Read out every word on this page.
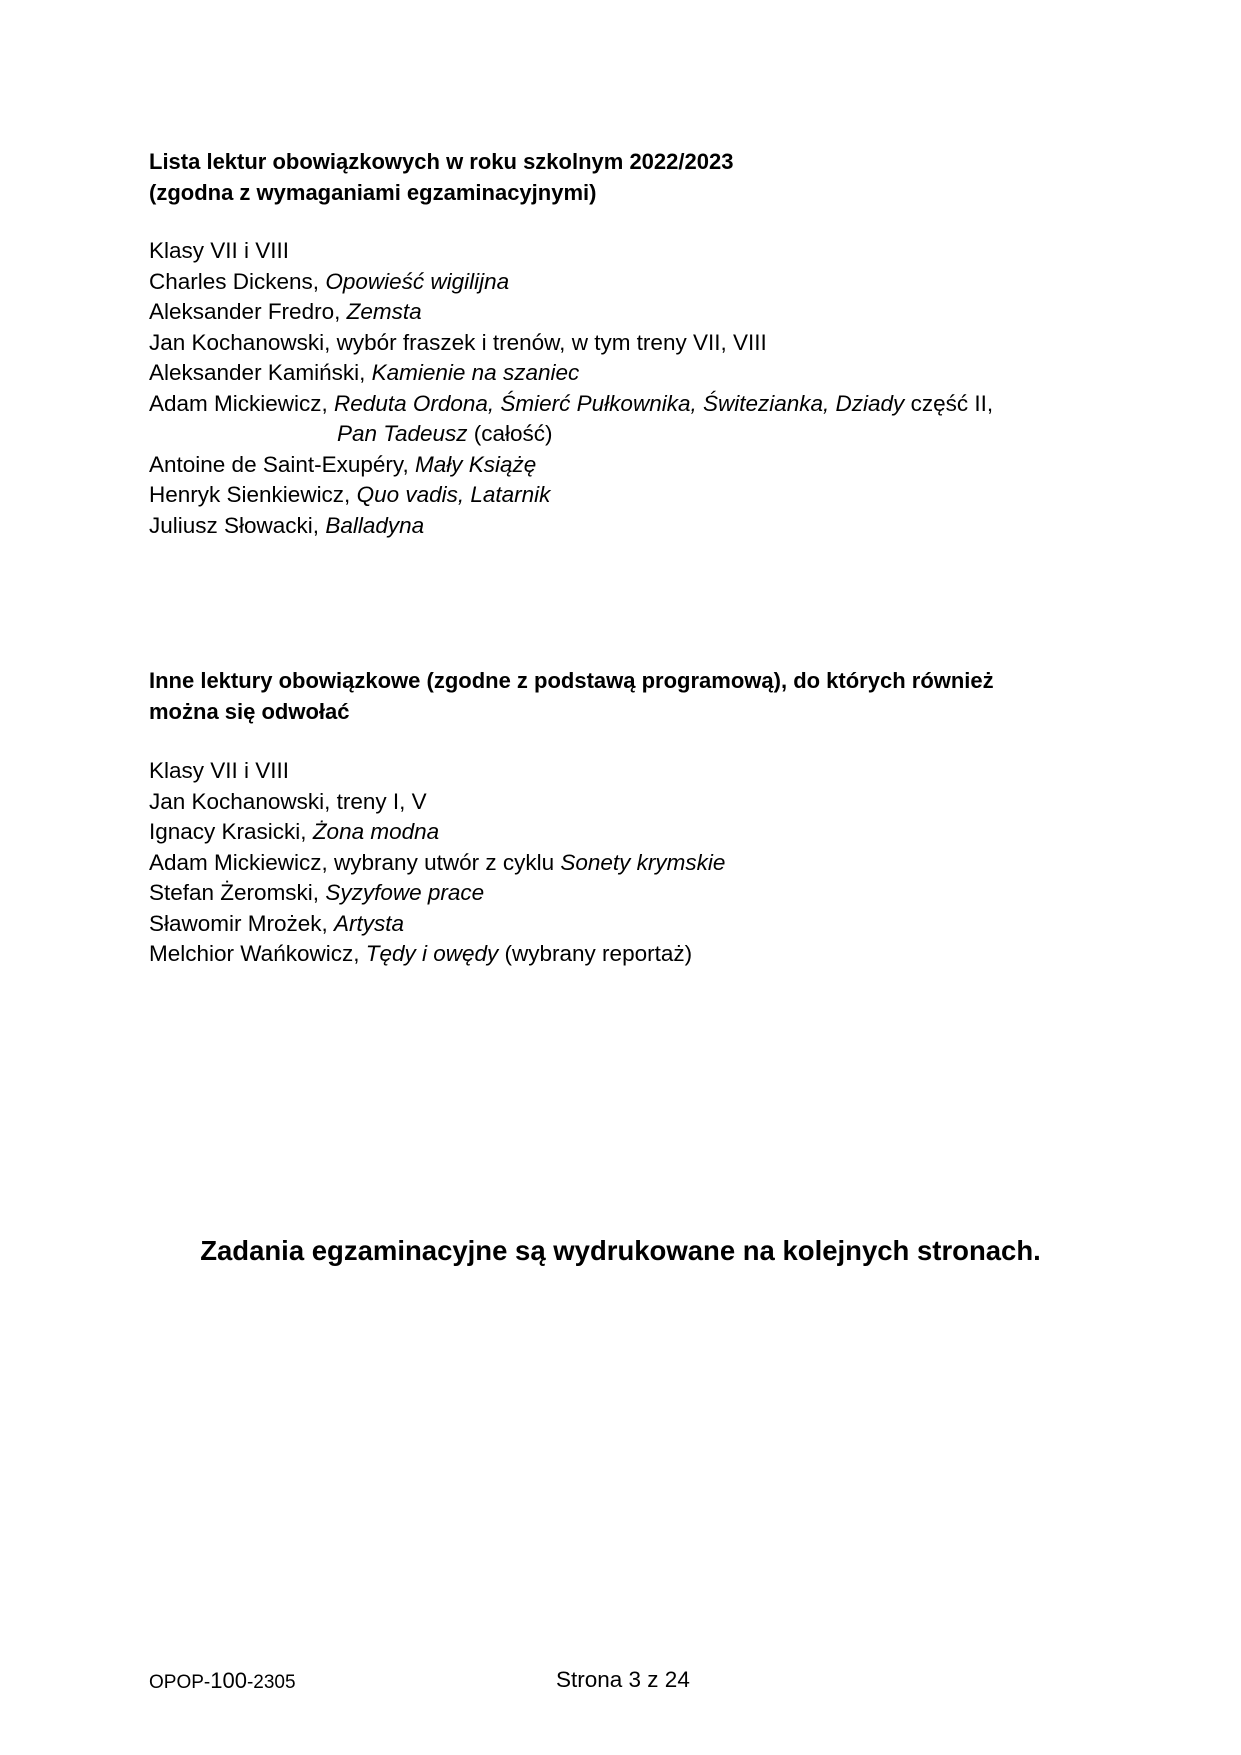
Lista lektur obowiązkowych w roku szkolnym 2022/2023

(zgodna z wymaganiami egzaminacyjnymi)

Klasy VII i VIII

Charles Dickens, Opowieść wigilijna

Aleksander Fredro, Zemsta

Jan Kochanowski, wybór fraszek i trenów, w tym treny VII, VIII

Aleksander Kamiński, Kamienie na szaniec

Adam Mickiewicz, Reduta Ordona, Śmierć Pułkownika, Świtezianka, Dziady część II,

Pan Tadeusz (całość)

Antoine de Saint-Exupéry, Mały Książę

Henryk Sienkiewicz, Quo vadis, Latarnik

Juliusz Słowacki, Balladyna

Inne lektury obowiązkowe (zgodne z podstawą programową), do których również

można się odwołać

Klasy VII i VIII

Jan Kochanowski, treny I, V

Ignacy Krasicki, Żona modna

Adam Mickiewicz, wybrany utwór z cyklu Sonety krymskie

Stefan Żeromski, Syzyfowe prace

Sławomir Mrożek, Artysta

Melchior Wańkowicz, Tędy i owędy (wybrany reportaż)

Zadania egzaminacyjne są wydrukowane na kolejnych stronach.
OPOP-100-2305	Strona 3 z 24
